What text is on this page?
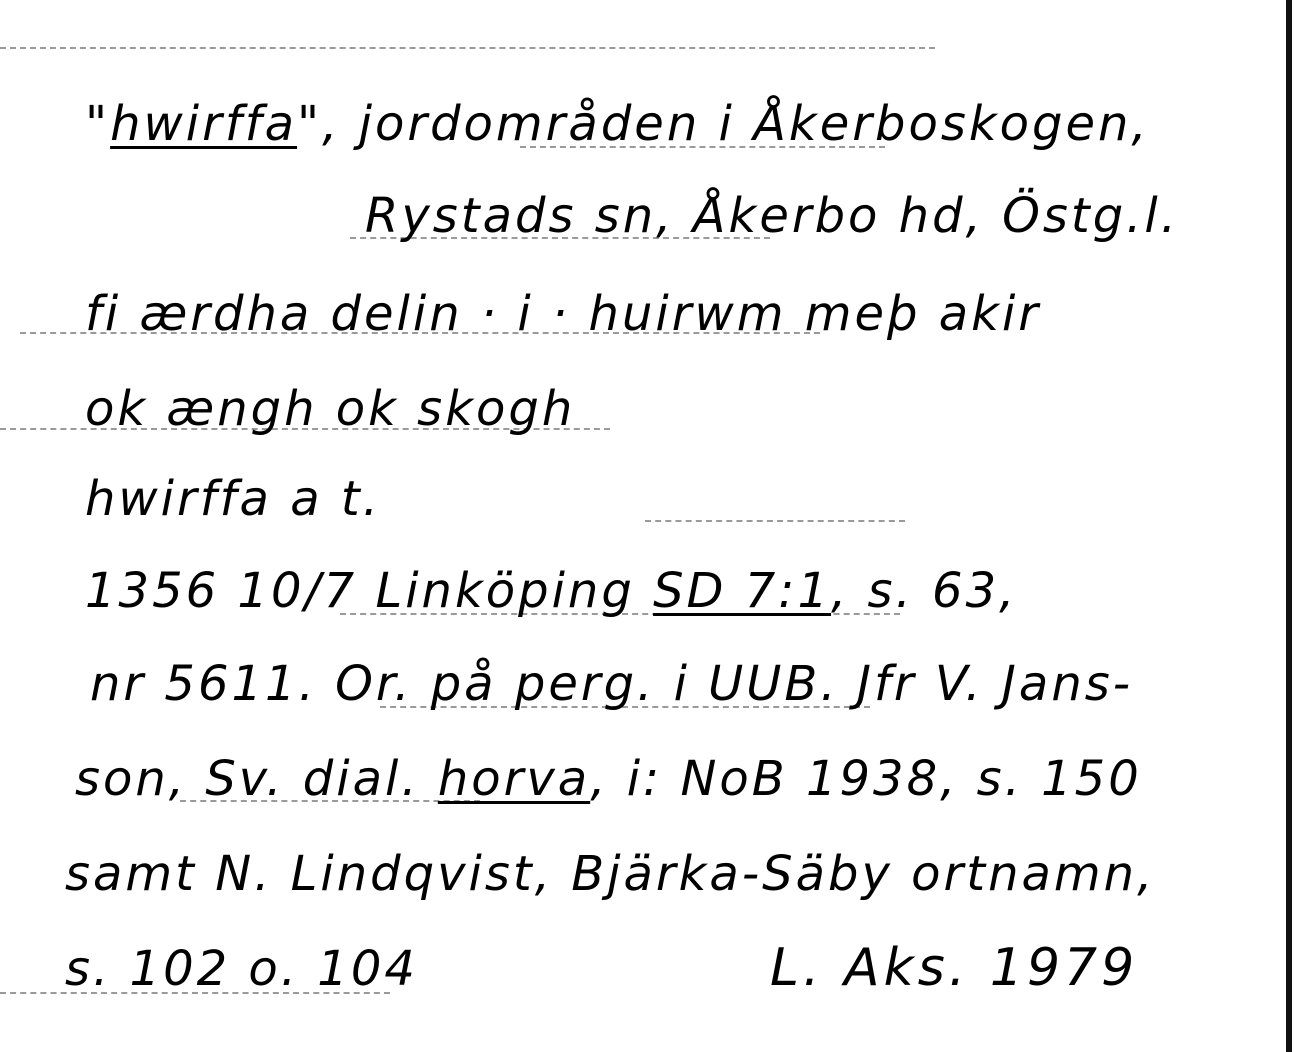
"hwirffa", jordområden i Åkerboskogen,
Rystads sn, Åkerbo hd, Östg.l.
fi ærdha delin · i · huirwm meþ akir
ok ængh ok skogh
hwirffa a t.
1356 10/7 Linköping SD 7:1, s. 63,
nr 5611. Or. på perg. i UUB. Jfr V. Jans-
son, Sv. dial. horva, i: NoB 1938, s. 150
samt N. Lindqvist, Bjärka-Säby ortnamn,
s. 102 o. 104	L. Aks. 1979
